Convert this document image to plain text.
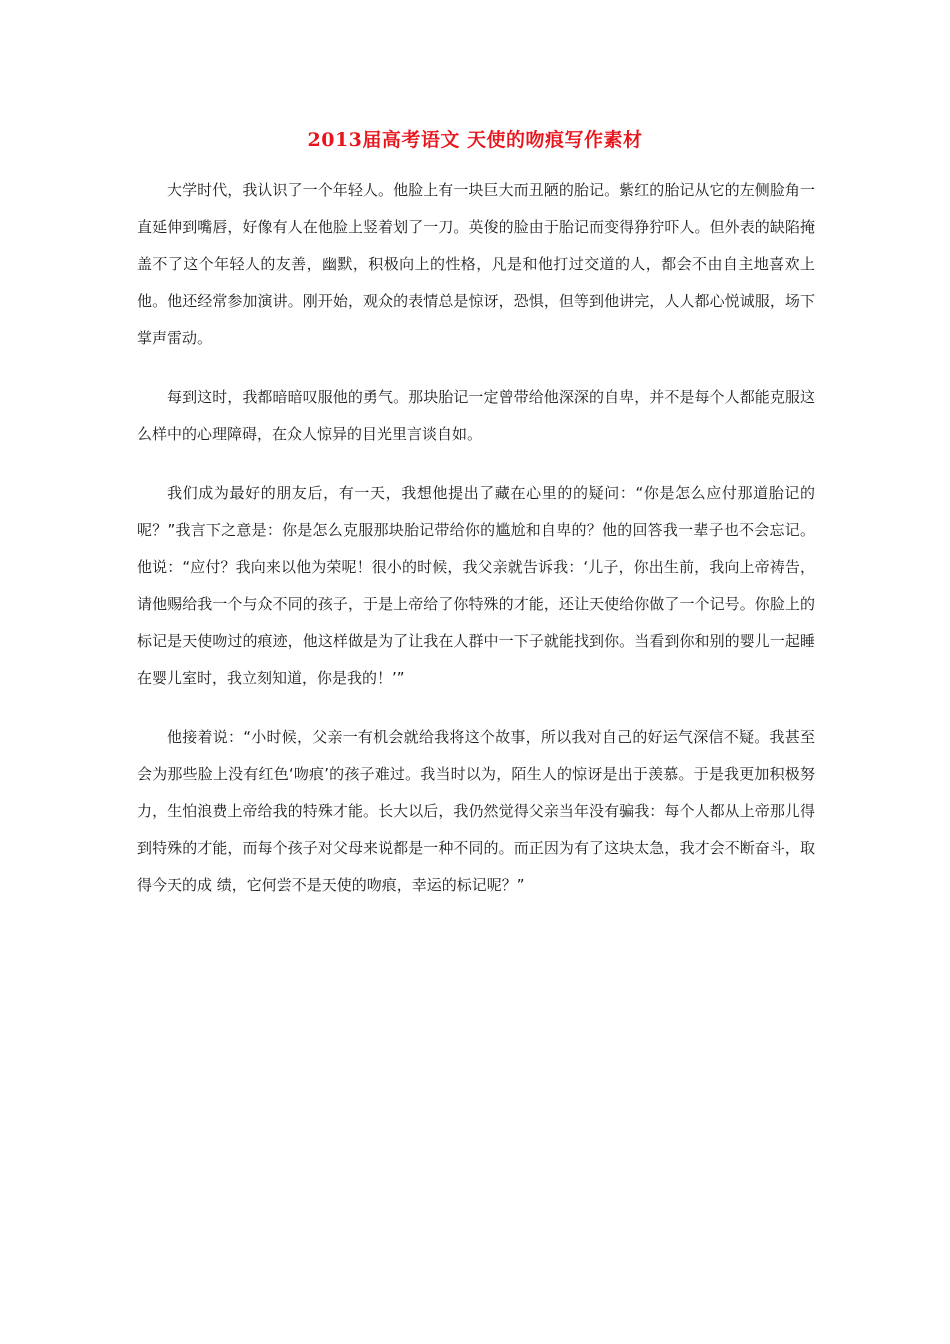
2013届高考语文 天使的吻痕写作素材

大学时代，我认识了一个年轻人。他脸上有一块巨大而丑陋的胎记。紫红的胎记从它的左侧脸角一直延伸到嘴唇，好像有人在他脸上竖着划了一刀。英俊的脸由于胎记而变得狰狞吓人。但外表的缺陷掩盖不了这个年轻人的友善，幽默，积极向上的性格，凡是和他打过交道的人，都会不由自主地喜欢上他。他还经常参加演讲。刚开始，观众的表情总是惊讶，恐惧，但等到他讲完，人人都心悦诚服，场下掌声雷动。

每到这时，我都暗暗叹服他的勇气。那块胎记一定曾带给他深深的自卑，并不是每个人都能克服这么样中的心理障碍，在众人惊异的目光里言谈自如。

我们成为最好的朋友后，有一天，我想他提出了藏在心里的的疑问：“你是怎么应付那道胎记的呢？”我言下之意是：你是怎么克服那块胎记带给你的尴尬和自卑的？他的回答我一辈子也不会忘记。他说：“应付？我向来以他为荣呢！很小的时候，我父亲就告诉我：‘儿子，你出生前，我向上帝祷告，请他赐给我一个与众不同的孩子，于是上帝给了你特殊的才能，还让天使给你做了一个记号。你脸上的标记是天使吻过的痕迹，他这样做是为了让我在人群中一下子就能找到你。当看到你和别的婴儿一起睡在婴儿室时，我立刻知道，你是我的！’”

他接着说：“小时候，父亲一有机会就给我将这个故事，所以我对自己的好运气深信不疑。我甚至会为那些脸上没有红色‘吻痕’的孩子难过。我当时以为，陌生人的惊讶是出于羡慕。于是我更加积极努力，生怕浪费上帝给我的特殊才能。长大以后，我仍然觉得父亲当年没有骗我：每个人都从上帝那儿得到特殊的才能，而每个孩子对父母来说都是一种不同的。而正因为有了这块太急，我才会不断奋斗，取得今天的成 绩，它何尝不是天使的吻痕，幸运的标记呢？”
